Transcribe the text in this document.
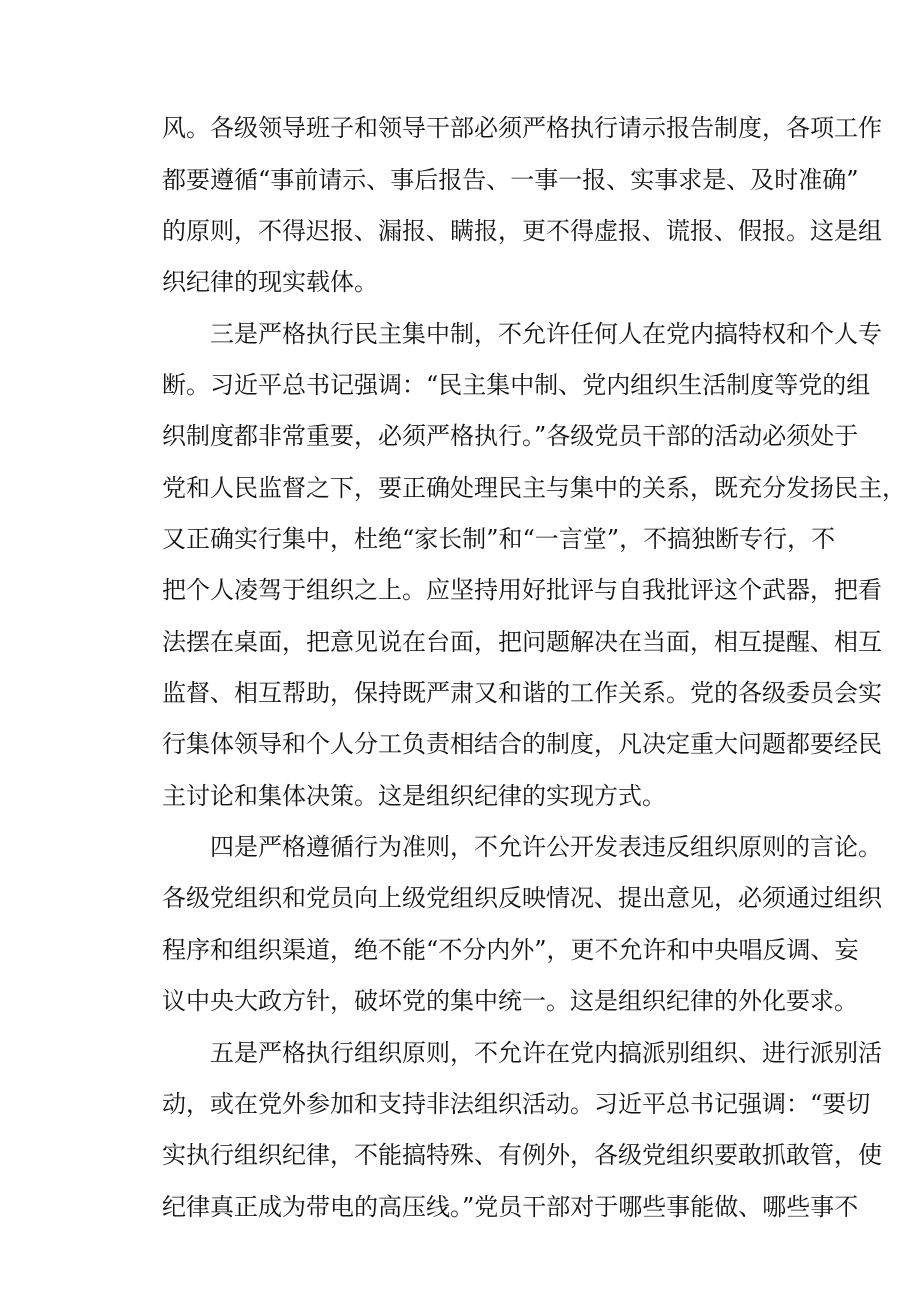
风。各级领导班子和领导干部必须严格执行请示报告制度，各项工作
都要遵循“事前请示、事后报告、一事一报、实事求是、及时准确”
的原则，不得迟报、漏报、瞒报，更不得虚报、谎报、假报。这是组
织纪律的现实载体。
三是严格执行民主集中制，不允许任何人在党内搞特权和个人专
断。习近平总书记强调：“民主集中制、党内组织生活制度等党的组
织制度都非常重要，必须严格执行。”各级党员干部的活动必须处于
党和人民监督之下，要正确处理民主与集中的关系，既充分发扬民主，
又正确实行集中，杜绝“家长制”和“一言堂”，不搞独断专行，不
把个人凌驾于组织之上。应坚持用好批评与自我批评这个武器，把看
法摆在桌面，把意见说在台面，把问题解决在当面，相互提醒、相互
监督、相互帮助，保持既严肃又和谐的工作关系。党的各级委员会实
行集体领导和个人分工负责相结合的制度，凡决定重大问题都要经民
主讨论和集体决策。这是组织纪律的实现方式。
四是严格遵循行为准则，不允许公开发表违反组织原则的言论。
各级党组织和党员向上级党组织反映情况、提出意见，必须通过组织
程序和组织渠道，绝不能“不分内外”，更不允许和中央唱反调、妄
议中央大政方针，破坏党的集中统一。这是组织纪律的外化要求。
五是严格执行组织原则，不允许在党内搞派别组织、进行派别活
动，或在党外参加和支持非法组织活动。习近平总书记强调：“要切
实执行组织纪律，不能搞特殊、有例外，各级党组织要敢抓敢管，使
纪律真正成为带电的高压线。”党员干部对于哪些事能做、哪些事不
